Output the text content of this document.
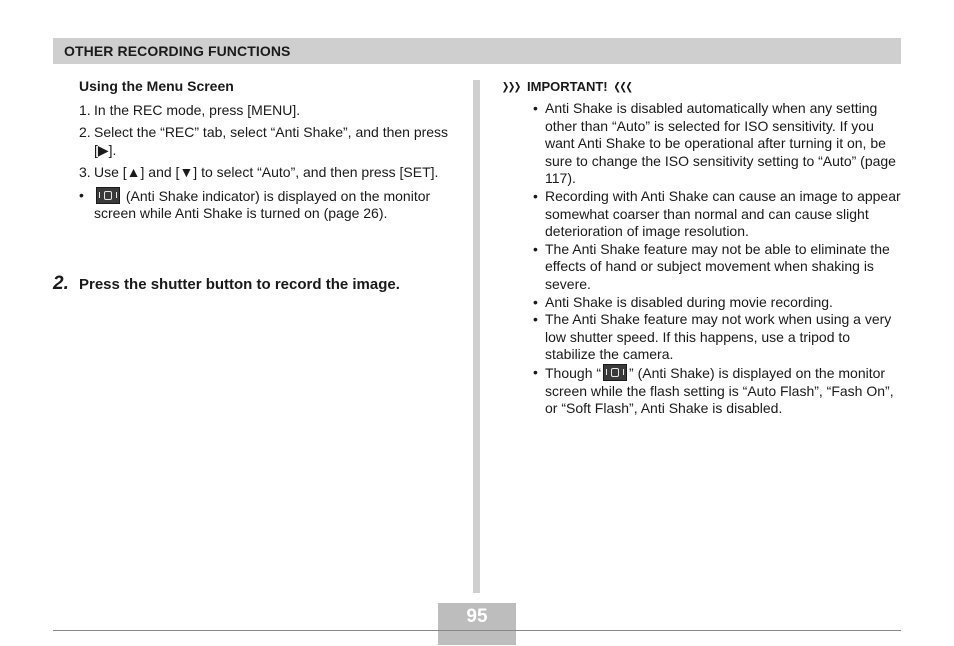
OTHER RECORDING FUNCTIONS
Using the Menu Screen
1. In the REC mode, press [MENU].
2. Select the “REC” tab, select “Anti Shake”, and then press [▶].
3. Use [▲] and [▼] to select “Auto”, and then press [SET].
•	(Anti Shake indicator) is displayed on the monitor screen while Anti Shake is turned on (page 26).
2. Press the shutter button to record the image.
IMPORTANT!
• Anti Shake is disabled automatically when any setting other than “Auto” is selected for ISO sensitivity. If you want Anti Shake to be operational after turning it on, be sure to change the ISO sensitivity setting to “Auto” (page 117).
• Recording with Anti Shake can cause an image to appear somewhat coarser than normal and can cause slight deterioration of image resolution.
• The Anti Shake feature may not be able to eliminate the effects of hand or subject movement when shaking is severe.
• Anti Shake is disabled during movie recording.
• The Anti Shake feature may not work when using a very low shutter speed. If this happens, use a tripod to stabilize the camera.
• Though “ ” (Anti Shake) is displayed on the monitor screen while the flash setting is “Auto Flash”, “Fash On”, or “Soft Flash”, Anti Shake is disabled.
95
